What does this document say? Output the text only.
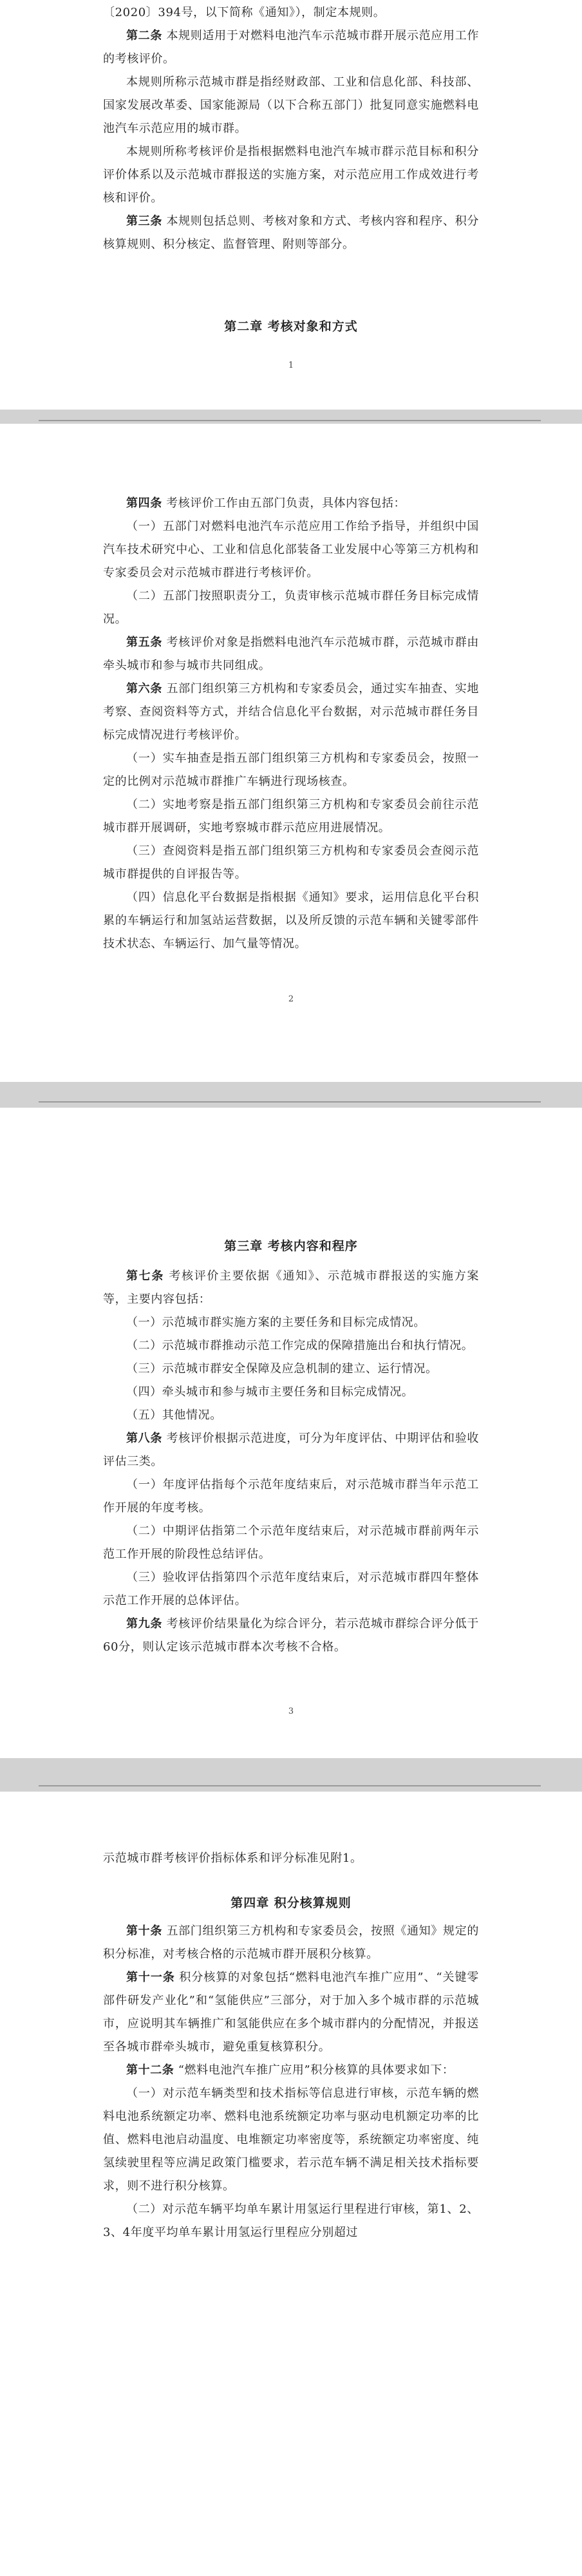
〔2020〕394号，以下简称《通知》），制定本规则。

第二条 本规则适用于对燃料电池汽车示范城市群开展示范应用工作的考核评价。

本规则所称示范城市群是指经财政部、工业和信息化部、科技部、国家发展改革委、国家能源局（以下合称五部门）批复同意实施燃料电池汽车示范应用的城市群。

本规则所称考核评价是指根据燃料电池汽车城市群示范目标和积分评价体系以及示范城市群报送的实施方案，对示范应用工作成效进行考核和评价。

第三条 本规则包括总则、考核对象和方式、考核内容和程序、积分核算规则、积分核定、监督管理、附则等部分。

第二章 考核对象和方式
1

第四条 考核评价工作由五部门负责，具体内容包括：

（一）五部门对燃料电池汽车示范应用工作给予指导，并组织中国汽车技术研究中心、工业和信息化部装备工业发展中心等第三方机构和专家委员会对示范城市群进行考核评价。

（二）五部门按照职责分工，负责审核示范城市群任务目标完成情况。

第五条 考核评价对象是指燃料电池汽车示范城市群，示范城市群由牵头城市和参与城市共同组成。

第六条 五部门组织第三方机构和专家委员会，通过实车抽查、实地考察、查阅资料等方式，并结合信息化平台数据，对示范城市群任务目标完成情况进行考核评价。

（一）实车抽查是指五部门组织第三方机构和专家委员会，按照一定的比例对示范城市群推广车辆进行现场核查。

（二）实地考察是指五部门组织第三方机构和专家委员会前往示范城市群开展调研，实地考察城市群示范应用进展情况。

（三）查阅资料是指五部门组织第三方机构和专家委员会查阅示范城市群提供的自评报告等。

（四）信息化平台数据是指根据《通知》要求，运用信息化平台积累的车辆运行和加氢站运营数据，以及所反馈的示范车辆和关键零部件技术状态、车辆运行、加气量等情况。

2
第三章 考核内容和程序

第七条 考核评价主要依据《通知》、示范城市群报送的实施方案等，主要内容包括：

（一）示范城市群实施方案的主要任务和目标完成情况。

（二）示范城市群推动示范工作完成的保障措施出台和执行情况。

（三）示范城市群安全保障及应急机制的建立、运行情况。

（四）牵头城市和参与城市主要任务和目标完成情况。

（五）其他情况。

第八条 考核评价根据示范进度，可分为年度评估、中期评估和验收评估三类。

（一）年度评估指每个示范年度结束后，对示范城市群当年示范工作开展的年度考核。

（二）中期评估指第二个示范年度结束后，对示范城市群前两年示范工作开展的阶段性总结评估。

（三）验收评估指第四个示范年度结束后，对示范城市群四年整体示范工作开展的总体评估。

第九条 考核评价结果量化为综合评分，若示范城市群综合评分低于60分，则认定该示范城市群本次考核不合格。

3

示范城市群考核评价指标体系和评分标准见附1。

第四章 积分核算规则

第十条 五部门组织第三方机构和专家委员会，按照《通知》规定的积分标准，对考核合格的示范城市群开展积分核算。

第十一条 积分核算的对象包括“燃料电池汽车推广应用”、“关键零部件研发产业化”和“氢能供应”三部分，对于加入多个城市群的示范城市，应说明其车辆推广和氢能供应在多个城市群内的分配情况，并报送至各城市群牵头城市，避免重复核算积分。

第十二条 “燃料电池汽车推广应用”积分核算的具体要求如下：

（一）对示范车辆类型和技术指标等信息进行审核，示范车辆的燃料电池系统额定功率、燃料电池系统额定功率与驱动电机额定功率的比值、燃料电池启动温度、电堆额定功率密度等，系统额定功率密度、纯氢续驶里程等应满足政策门槛要求，若示范车辆不满足相关技术指标要求，则不进行积分核算。

（二）对示范车辆平均单车累计用氢运行里程进行审核，第1、2、3、4年度平均单车累计用氢运行里程应分别超过
